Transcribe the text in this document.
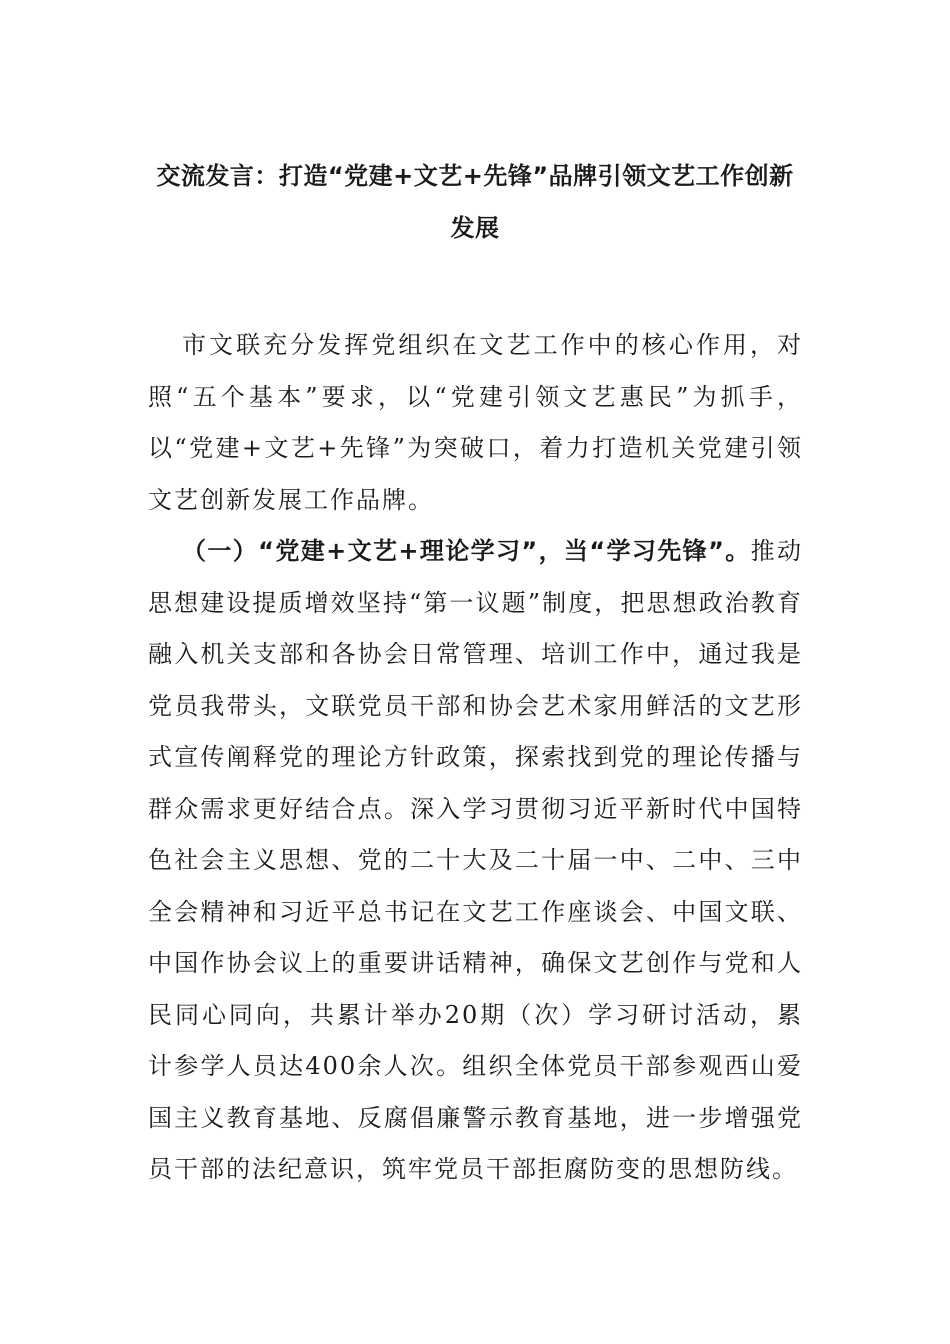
交流发言：打造“党建+文艺+先锋”品牌引领文艺工作创新发展

市文联充分发挥党组织在文艺工作中的核心作用，对照“五个基本”要求，以“党建引领文艺惠民”为抓手，以“党建+文艺+先锋”为突破口，着力打造机关党建引领文艺创新发展工作品牌。

（一）“党建+文艺+理论学习”，当“学习先锋”。推动思想建设提质增效坚持“第一议题”制度，把思想政治教育融入机关支部和各协会日常管理、培训工作中，通过我是党员我带头，文联党员干部和协会艺术家用鲜活的文艺形式宣传阐释党的理论方针政策，探索找到党的理论传播与群众需求更好结合点。深入学习贯彻习近平新时代中国特色社会主义思想、党的二十大及二十届一中、二中、三中全会精神和习近平总书记在文艺工作座谈会、中国文联、中国作协会议上的重要讲话精神，确保文艺创作与党和人民同心同向，共累计举办20期（次）学习研讨活动，累计参学人员达400余人次。组织全体党员干部参观西山爱国主义教育基地、反腐倡廉警示教育基地，进一步增强党员干部的法纪意识，筑牢党员干部拒腐防变的思想防线。
